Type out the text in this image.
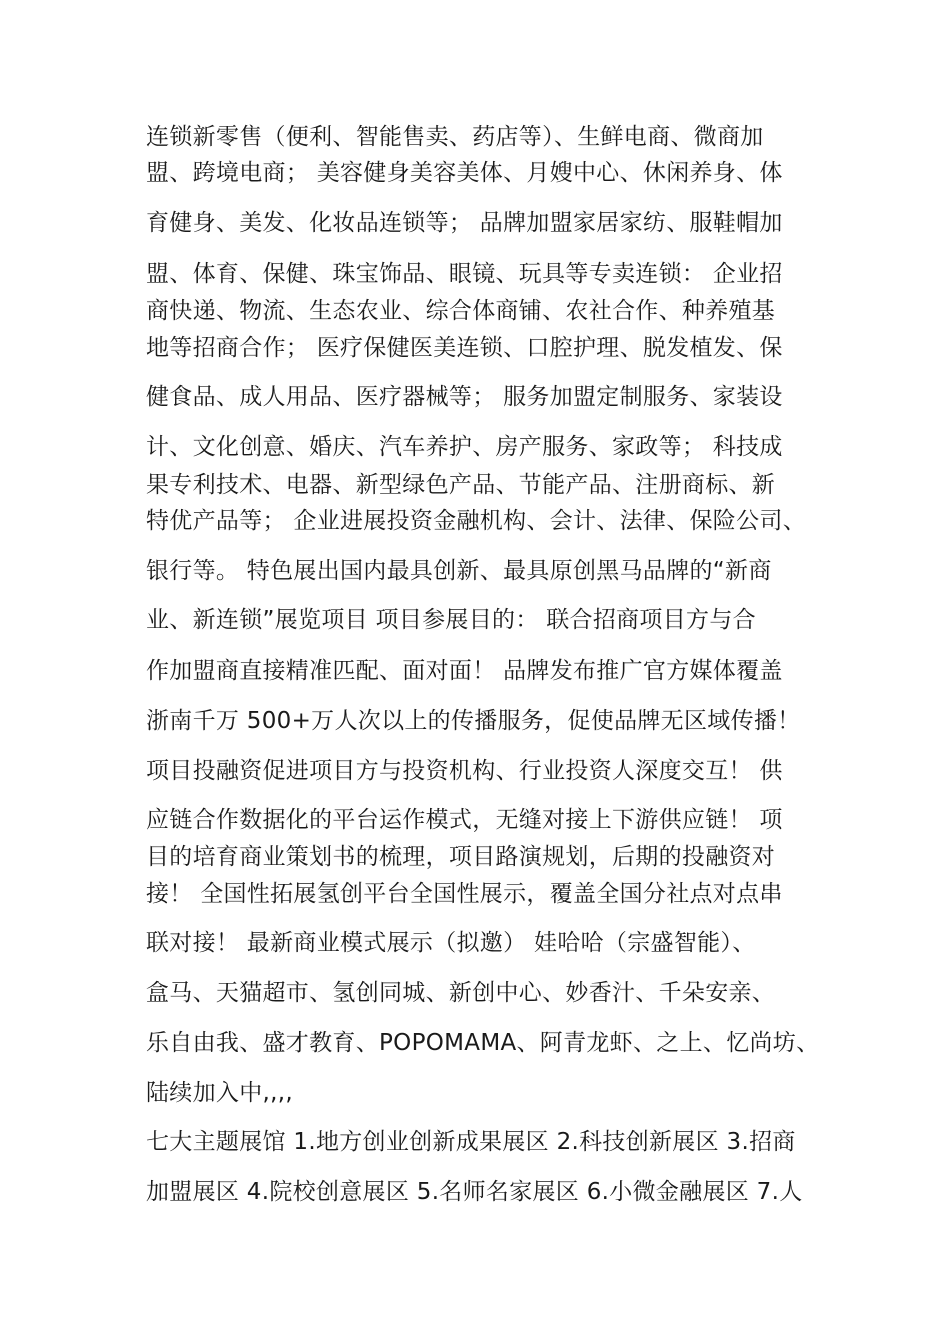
连锁新零售（便利、智能售卖、药店等）、生鲜电商、微商加
盟、跨境电商； 美容健身美容美体、月嫂中心、休闲养身、体
育健身、美发、化妆品连锁等； 品牌加盟家居家纺、服鞋帽加
盟、体育、保健、珠宝饰品、眼镜、玩具等专卖连锁： 企业招
商快递、物流、生态农业、综合体商铺、农社合作、种养殖基
地等招商合作； 医疗保健医美连锁、口腔护理、脱发植发、保
健食品、成人用品、医疗器械等； 服务加盟定制服务、家装设
计、文化创意、婚庆、汽车养护、房产服务、家政等； 科技成
果专利技术、电器、新型绿色产品、节能产品、注册商标、新
特优产品等； 企业进展投资金融机构、会计、法律、保险公司、
银行等。 特色展出国内最具创新、最具原创黑马品牌的“新商
业、新连锁”展览项目 项目参展目的： 联合招商项目方与合
作加盟商直接精准匹配、面对面！ 品牌发布推广官方媒体覆盖
浙南千万 500+万人次以上的传播服务，促使品牌无区域传播！
项目投融资促进项目方与投资机构、行业投资人深度交互！ 供
应链合作数据化的平台运作模式，无缝对接上下游供应链！ 项
目的培育商业策划书的梳理，项目路演规划，后期的投融资对
接！ 全国性拓展氢创平台全国性展示，覆盖全国分社点对点串
联对接！ 最新商业模式展示（拟邀） 娃哈哈（宗盛智能）、
盒马、天猫超市、氢创同城、新创中心、妙香汁、千朵安亲、
乐自由我、盛才教育、POPOMAMA、阿青龙虾、之上、忆尚坊、
陆续加入中,,,,
七大主题展馆 1.地方创业创新成果展区 2.科技创新展区 3.招商
加盟展区 4.院校创意展区 5.名师名家展区 6.小微金融展区 7.人
